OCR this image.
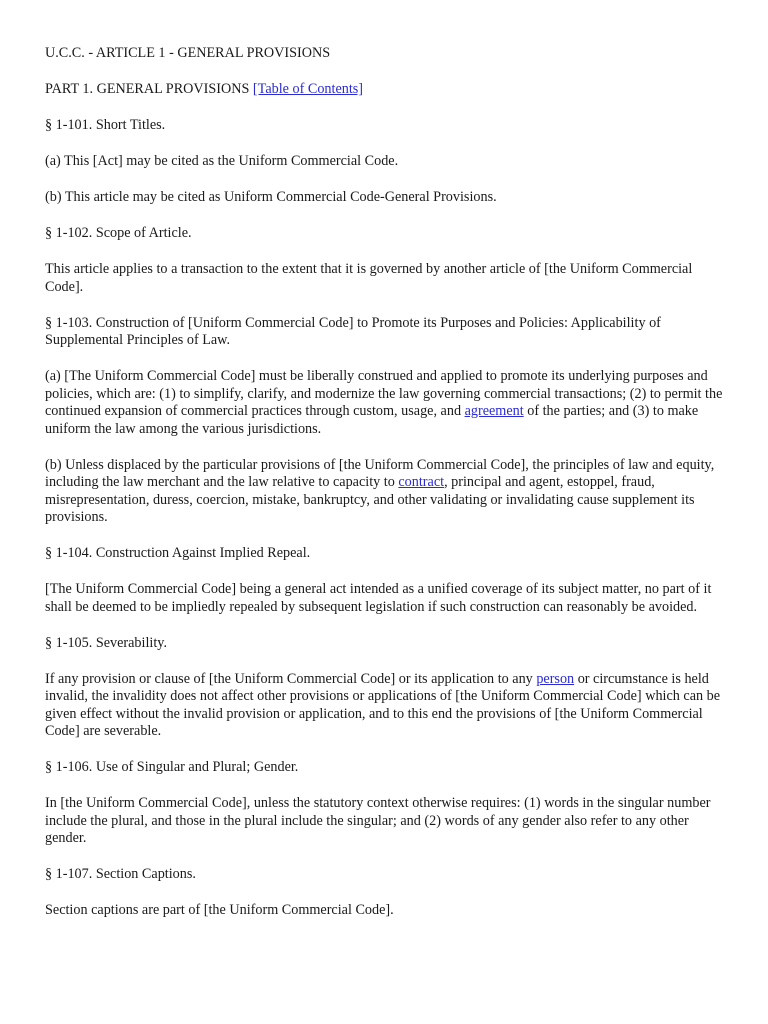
U.C.C. - ARTICLE 1 - GENERAL PROVISIONS

PART 1. GENERAL PROVISIONS [Table of Contents]

§ 1-101. Short Titles.

(a) This [Act] may be cited as the Uniform Commercial Code.

(b) This article may be cited as Uniform Commercial Code-General Provisions.

§ 1-102. Scope of Article.

This article applies to a transaction to the extent that it is governed by another article of [the Uniform Commercial Code].

§ 1-103. Construction of [Uniform Commercial Code] to Promote its Purposes and Policies: Applicability of Supplemental Principles of Law.

(a) [The Uniform Commercial Code] must be liberally construed and applied to promote its underlying purposes and policies, which are: (1) to simplify, clarify, and modernize the law governing commercial transactions; (2) to permit the continued expansion of commercial practices through custom, usage, and agreement of the parties; and (3) to make uniform the law among the various jurisdictions.

(b) Unless displaced by the particular provisions of [the Uniform Commercial Code], the principles of law and equity, including the law merchant and the law relative to capacity to contract, principal and agent, estoppel, fraud, misrepresentation, duress, coercion, mistake, bankruptcy, and other validating or invalidating cause supplement its provisions.

§ 1-104. Construction Against Implied Repeal.

[The Uniform Commercial Code] being a general act intended as a unified coverage of its subject matter, no part of it shall be deemed to be impliedly repealed by subsequent legislation if such construction can reasonably be avoided.

§ 1-105. Severability.

If any provision or clause of [the Uniform Commercial Code] or its application to any person or circumstance is held invalid, the invalidity does not affect other provisions or applications of [the Uniform Commercial Code] which can be given effect without the invalid provision or application, and to this end the provisions of [the Uniform Commercial Code] are severable.

§ 1-106. Use of Singular and Plural; Gender.

In [the Uniform Commercial Code], unless the statutory context otherwise requires: (1) words in the singular number include the plural, and those in the plural include the singular; and (2) words of any gender also refer to any other gender.

§ 1-107. Section Captions.

Section captions are part of [the Uniform Commercial Code].
